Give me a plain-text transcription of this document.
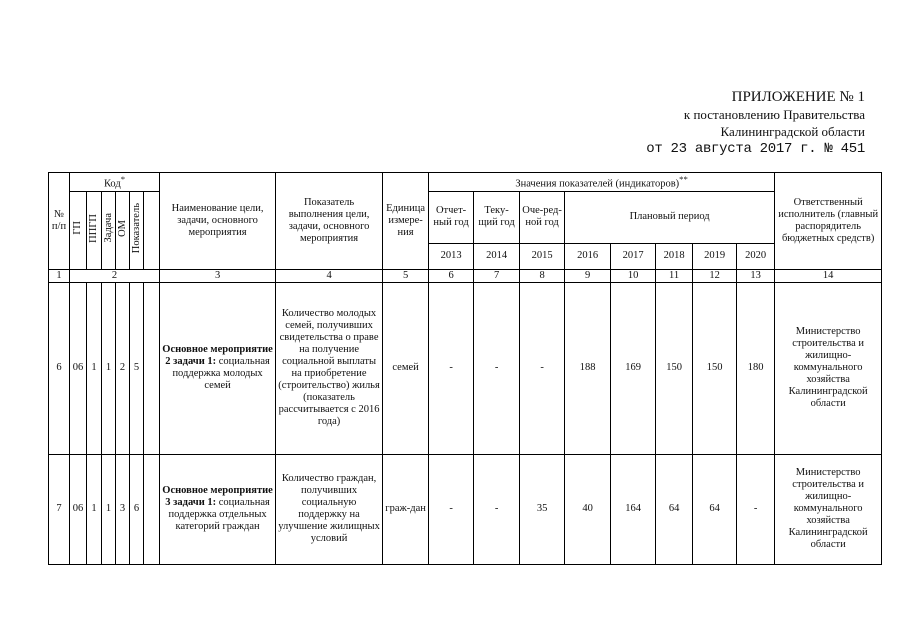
ПРИЛОЖЕНИЕ № 1
к постановлению Правительства
Калининградской области
от 23 августа 2017 г. № 451
№ п/п	Код*						Наименование цели, задачи, основного мероприятия	Показатель выполнения цели, задачи, основного мероприятия	Единица измере-ния	Значения показателей (индикаторов)**								Ответственный исполнитель (главный распорядитель бюджетных средств)
	ГП	ППГП	Задача	ОМ	Показатель					Отчет-ный год	Теку-щий год	Оче-ред-ной год	Плановый период					
										2013	2014	2015	2016	2017	2018	2019	2020	
1	2						3	4	5	6	7	8	9	10	11	12	13	14
6	06	1	1	2	5		Основное мероприятие 2 задачи 1: социальная поддержка молодых семей	Количество молодых семей, получивших свидетельства о праве на получение социальной выплаты на приобретение (строительство) жилья (показатель рассчитывается с 2016 года)	семей	-	-	-	188	169	150	150	180	Министерство строительства и жилищно-коммунального хозяйства Калининградской области
7	06	1	1	3	6		Основное мероприятие 3 задачи 1: социальная поддержка отдельных категорий граждан	Количество граждан, получивших социальную поддержку на улучшение жилищных условий	граж-дан	-	-	35	40	164	64	64	-	Министерство строительства и жилищно-коммунального хозяйства Калининградской области
